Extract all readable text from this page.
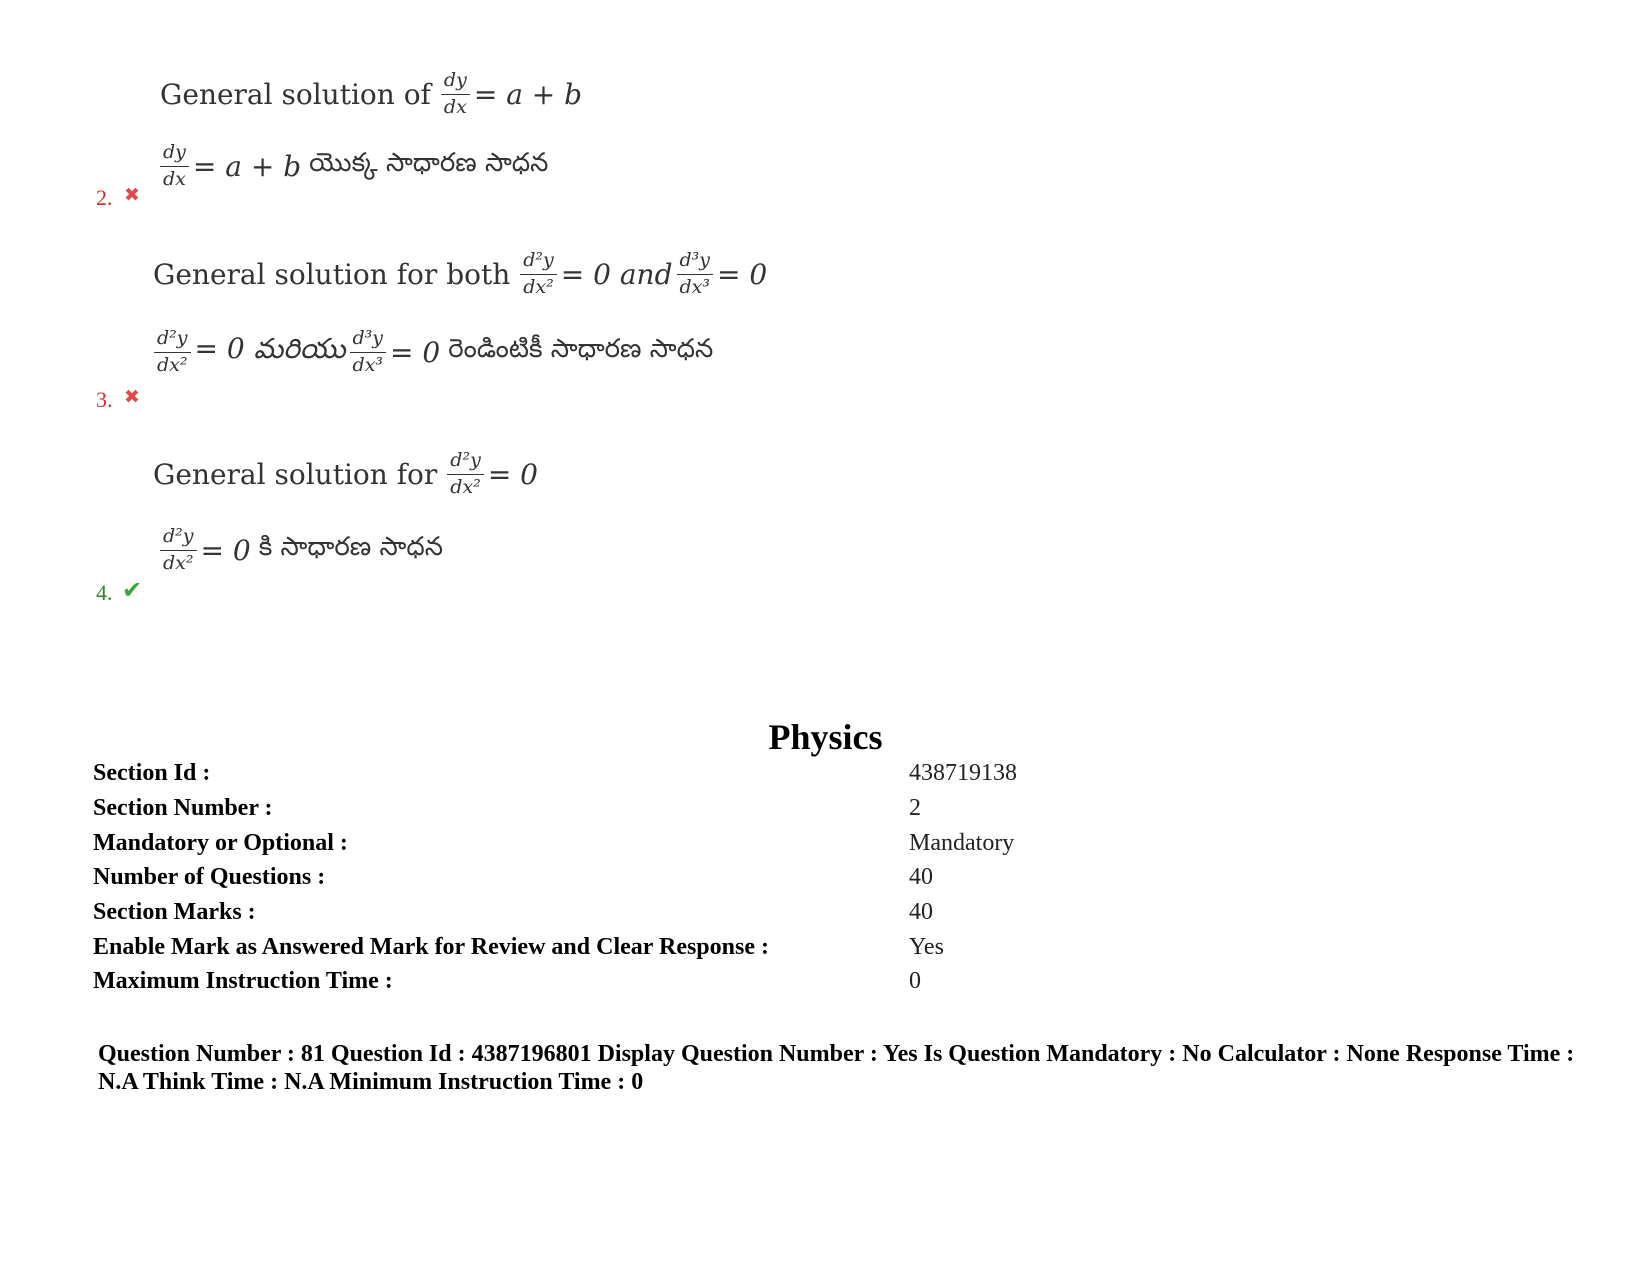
General solution of $\frac{dy}{dx} = a + b$
$\frac{dy}{dx} = a + b$ యొక్క సాధారణ సాధన
2. ✖
General solution for both $\frac{\text{d²y}}{\text{dx²}} = 0$ and $\frac{\text{d³y}}{\text{dx³}} = 0$
$\frac{\text{d²y}}{\text{dx²}} = 0$ మరియు $\frac{\text{d³y}}{\text{dx³}} = 0$ రెండింటికీ సాధారణ సాధన
3. ✖
General solution for $\frac{\text{d²y}}{\text{dx²}} = 0$
$\frac{\text{d²y}}{\text{dx²}} = 0$ కి సాధారణ సాధన
4. ✔
Physics
Section Id :	438719138
Section Number :	2
Mandatory or Optional :	Mandatory
Number of Questions :	40
Section Marks :	40
Enable Mark as Answered Mark for Review and Clear Response :	Yes
Maximum Instruction Time :	0
Question Number : 81 Question Id : 4387196801 Display Question Number : Yes Is Question Mandatory : No Calculator : None Response Time : N.A Think Time : N.A Minimum Instruction Time : 0
